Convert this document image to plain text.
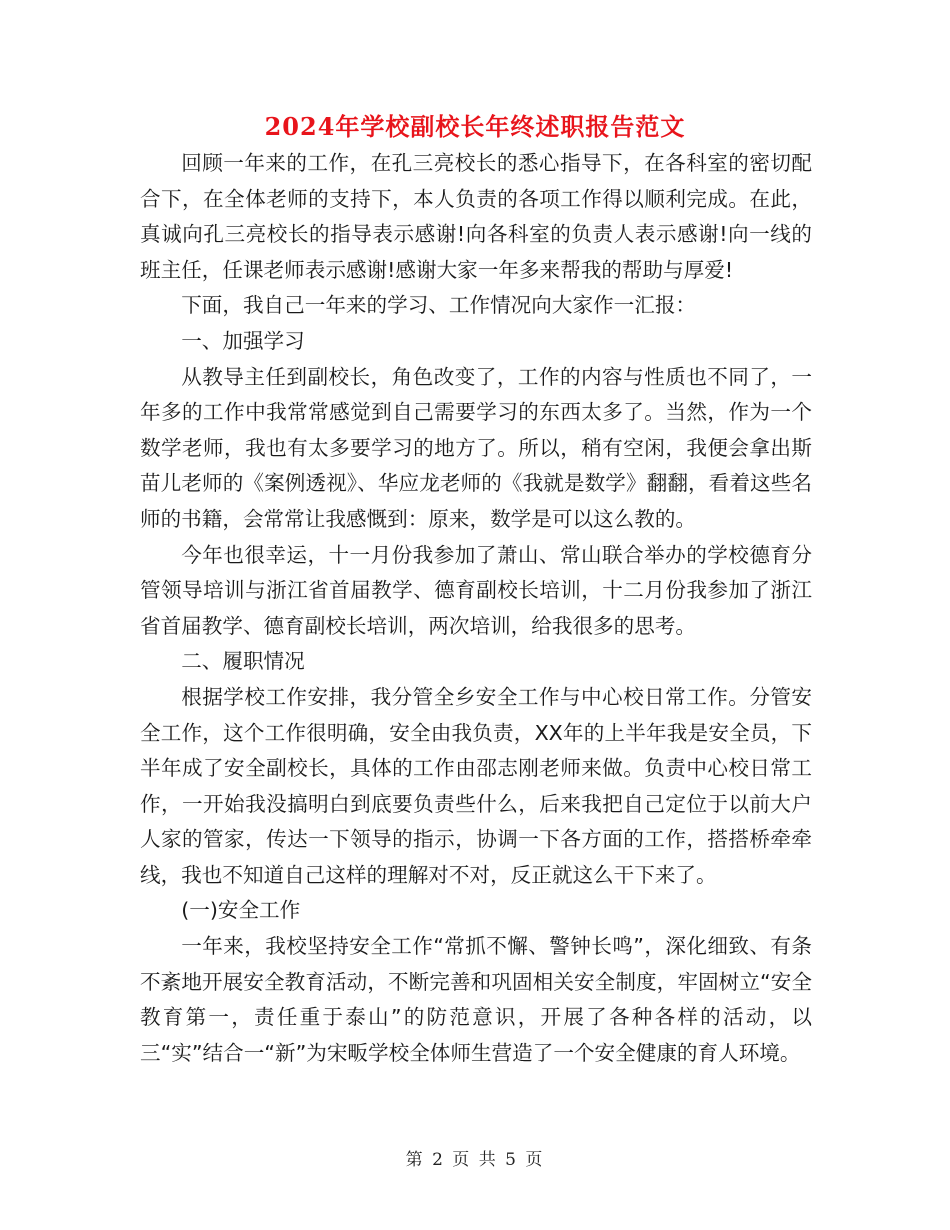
2024年学校副校长年终述职报告范文

回顾一年来的工作，在孔三亮校长的悉心指导下，在各科室的密切配合下，在全体老师的支持下，本人负责的各项工作得以顺利完成。在此，真诚向孔三亮校长的指导表示感谢!向各科室的负责人表示感谢!向一线的班主任，任课老师表示感谢!感谢大家一年多来帮我的帮助与厚爱!

下面，我自己一年来的学习、工作情况向大家作一汇报：

一、加强学习

从教导主任到副校长，角色改变了，工作的内容与性质也不同了，一年多的工作中我常常感觉到自己需要学习的东西太多了。当然，作为一个数学老师，我也有太多要学习的地方了。所以，稍有空闲，我便会拿出斯苗儿老师的《案例透视》、华应龙老师的《我就是数学》翻翻，看着这些名师的书籍，会常常让我感慨到：原来，数学是可以这么教的。

今年也很幸运，十一月份我参加了萧山、常山联合举办的学校德育分管领导培训与浙江省首届教学、德育副校长培训，十二月份我参加了浙江省首届教学、德育副校长培训，两次培训，给我很多的思考。

二、履职情况

根据学校工作安排，我分管全乡安全工作与中心校日常工作。分管安全工作，这个工作很明确，安全由我负责，XX年的上半年我是安全员，下半年成了安全副校长，具体的工作由邵志刚老师来做。负责中心校日常工作，一开始我没搞明白到底要负责些什么，后来我把自己定位于以前大户人家的管家，传达一下领导的指示，协调一下各方面的工作，搭搭桥牵牵线，我也不知道自己这样的理解对不对，反正就这么干下来了。

(一)安全工作

一年来，我校坚持安全工作“常抓不懈、警钟长鸣”，深化细致、有条不紊地开展安全教育活动，不断完善和巩固相关安全制度，牢固树立“安全教育第一，责任重于泰山”的防范意识，开展了各种各样的活动，以三“实”结合一“新”为宋畈学校全体师生营造了一个安全健康的育人环境。

第 2 页 共 5 页
